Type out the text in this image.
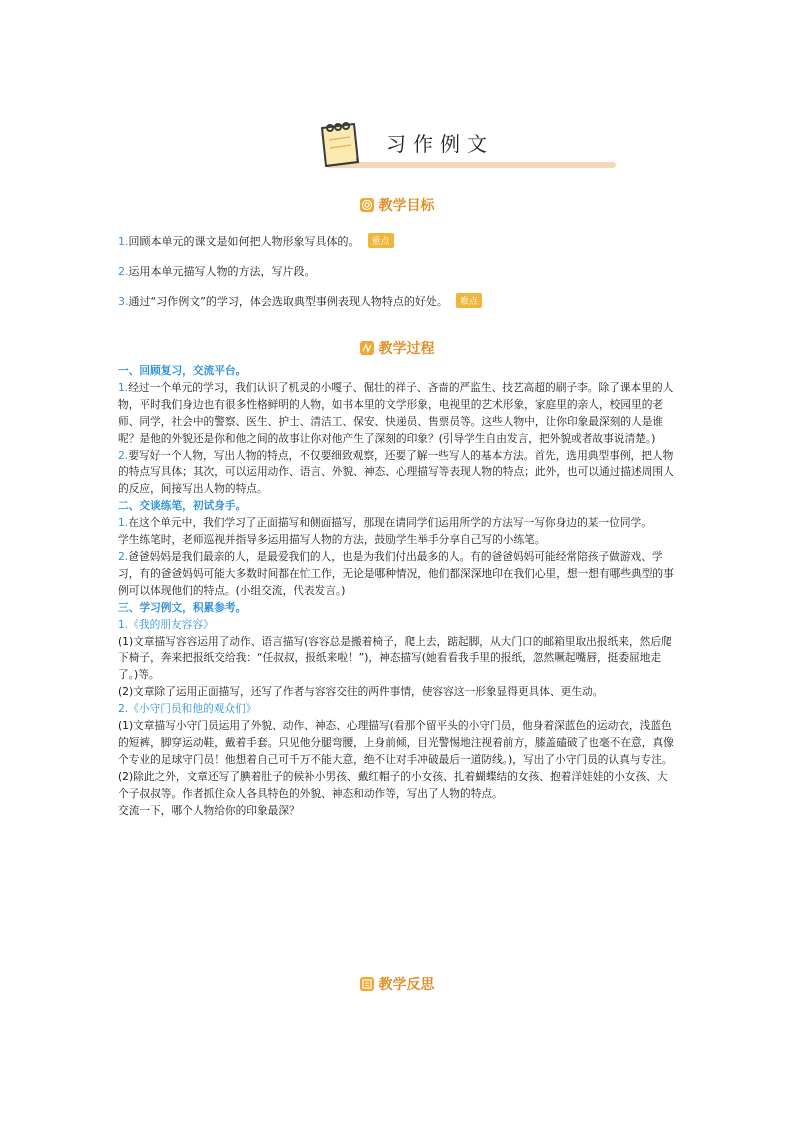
习作例文
教学目标
1.回顾本单元的课文是如何把人物形象写具体的。 重点
2.运用本单元描写人物的方法，写片段。
3.通过“习作例文”的学习，体会选取典型事例表现人物特点的好处。 难点
教学过程

一、回顾复习，交流平台。

1.经过一个单元的学习，我们认识了机灵的小嘎子、倔壮的祥子、吝啬的严监生、技艺高超的刷子李。除了课本里的人物，平时我们身边也有很多性格鲜明的人物，如书本里的文学形象，电视里的艺术形象，家庭里的亲人，校园里的老师、同学，社会中的警察、医生、护士、清洁工、保安、快递员、售票员等。这些人物中，让你印象最深刻的人是谁呢？是他的外貌还是你和他之间的故事让你对他产生了深刻的印象？(引导学生自由发言，把外貌或者故事说清楚。)

2.要写好一个人物，写出人物的特点，不仅要细致观察，还要了解一些写人的基本方法。首先，选用典型事例，把人物的特点写具体；其次，可以运用动作、语言、外貌、神态、心理描写等表现人物的特点；此外，也可以通过描述周围人的反应，间接写出人物的特点。

二、交谈练笔，初试身手。

1.在这个单元中，我们学习了正面描写和侧面描写，那现在请同学们运用所学的方法写一写你身边的某一位同学。

学生练笔时，老师巡视并指导多运用描写人物的方法，鼓励学生举手分享自己写的小练笔。

2.爸爸妈妈是我们最亲的人，是最爱我们的人，也是为我们付出最多的人。有的爸爸妈妈可能经常陪孩子做游戏、学习，有的爸爸妈妈可能大多数时间都在忙工作，无论是哪种情况，他们都深深地印在我们心里，想一想有哪些典型的事例可以体现他们的特点。(小组交流，代表发言。)

三、学习例文，积累参考。

1.《我的朋友容容》

(1)文章描写容容运用了动作、语言描写(容容总是搬着椅子，爬上去，踮起脚，从大门口的邮箱里取出报纸来，然后爬下椅子，奔来把报纸交给我：“任叔叔，报纸来啦！”)，神态描写(她看看我手里的报纸，忽然噘起嘴唇，挺委屈地走了。)等。

(2)文章除了运用正面描写，还写了作者与容容交往的两件事情，使容容这一形象显得更具体、更生动。

2.《小守门员和他的观众们》

(1)文章描写小守门员运用了外貌、动作、神态、心理描写(看那个留平头的小守门员，他身着深蓝色的运动衣，浅蓝色的短裤，脚穿运动鞋，戴着手套。只见他分腿弯腰，上身前倾，目光警惕地注视着前方，膝盖磕破了也毫不在意，真像个专业的足球守门员！他想着自己可千万不能大意，绝不让对手冲破最后一道防线。)，写出了小守门员的认真与专注。

(2)除此之外，文章还写了腆着肚子的候补小男孩、戴红帽子的小女孩、扎着蝴蝶结的女孩、抱着洋娃娃的小女孩、大个子叔叔等。作者抓住众人各具特色的外貌、神态和动作等，写出了人物的特点。

交流一下，哪个人物给你的印象最深？

教学反思
